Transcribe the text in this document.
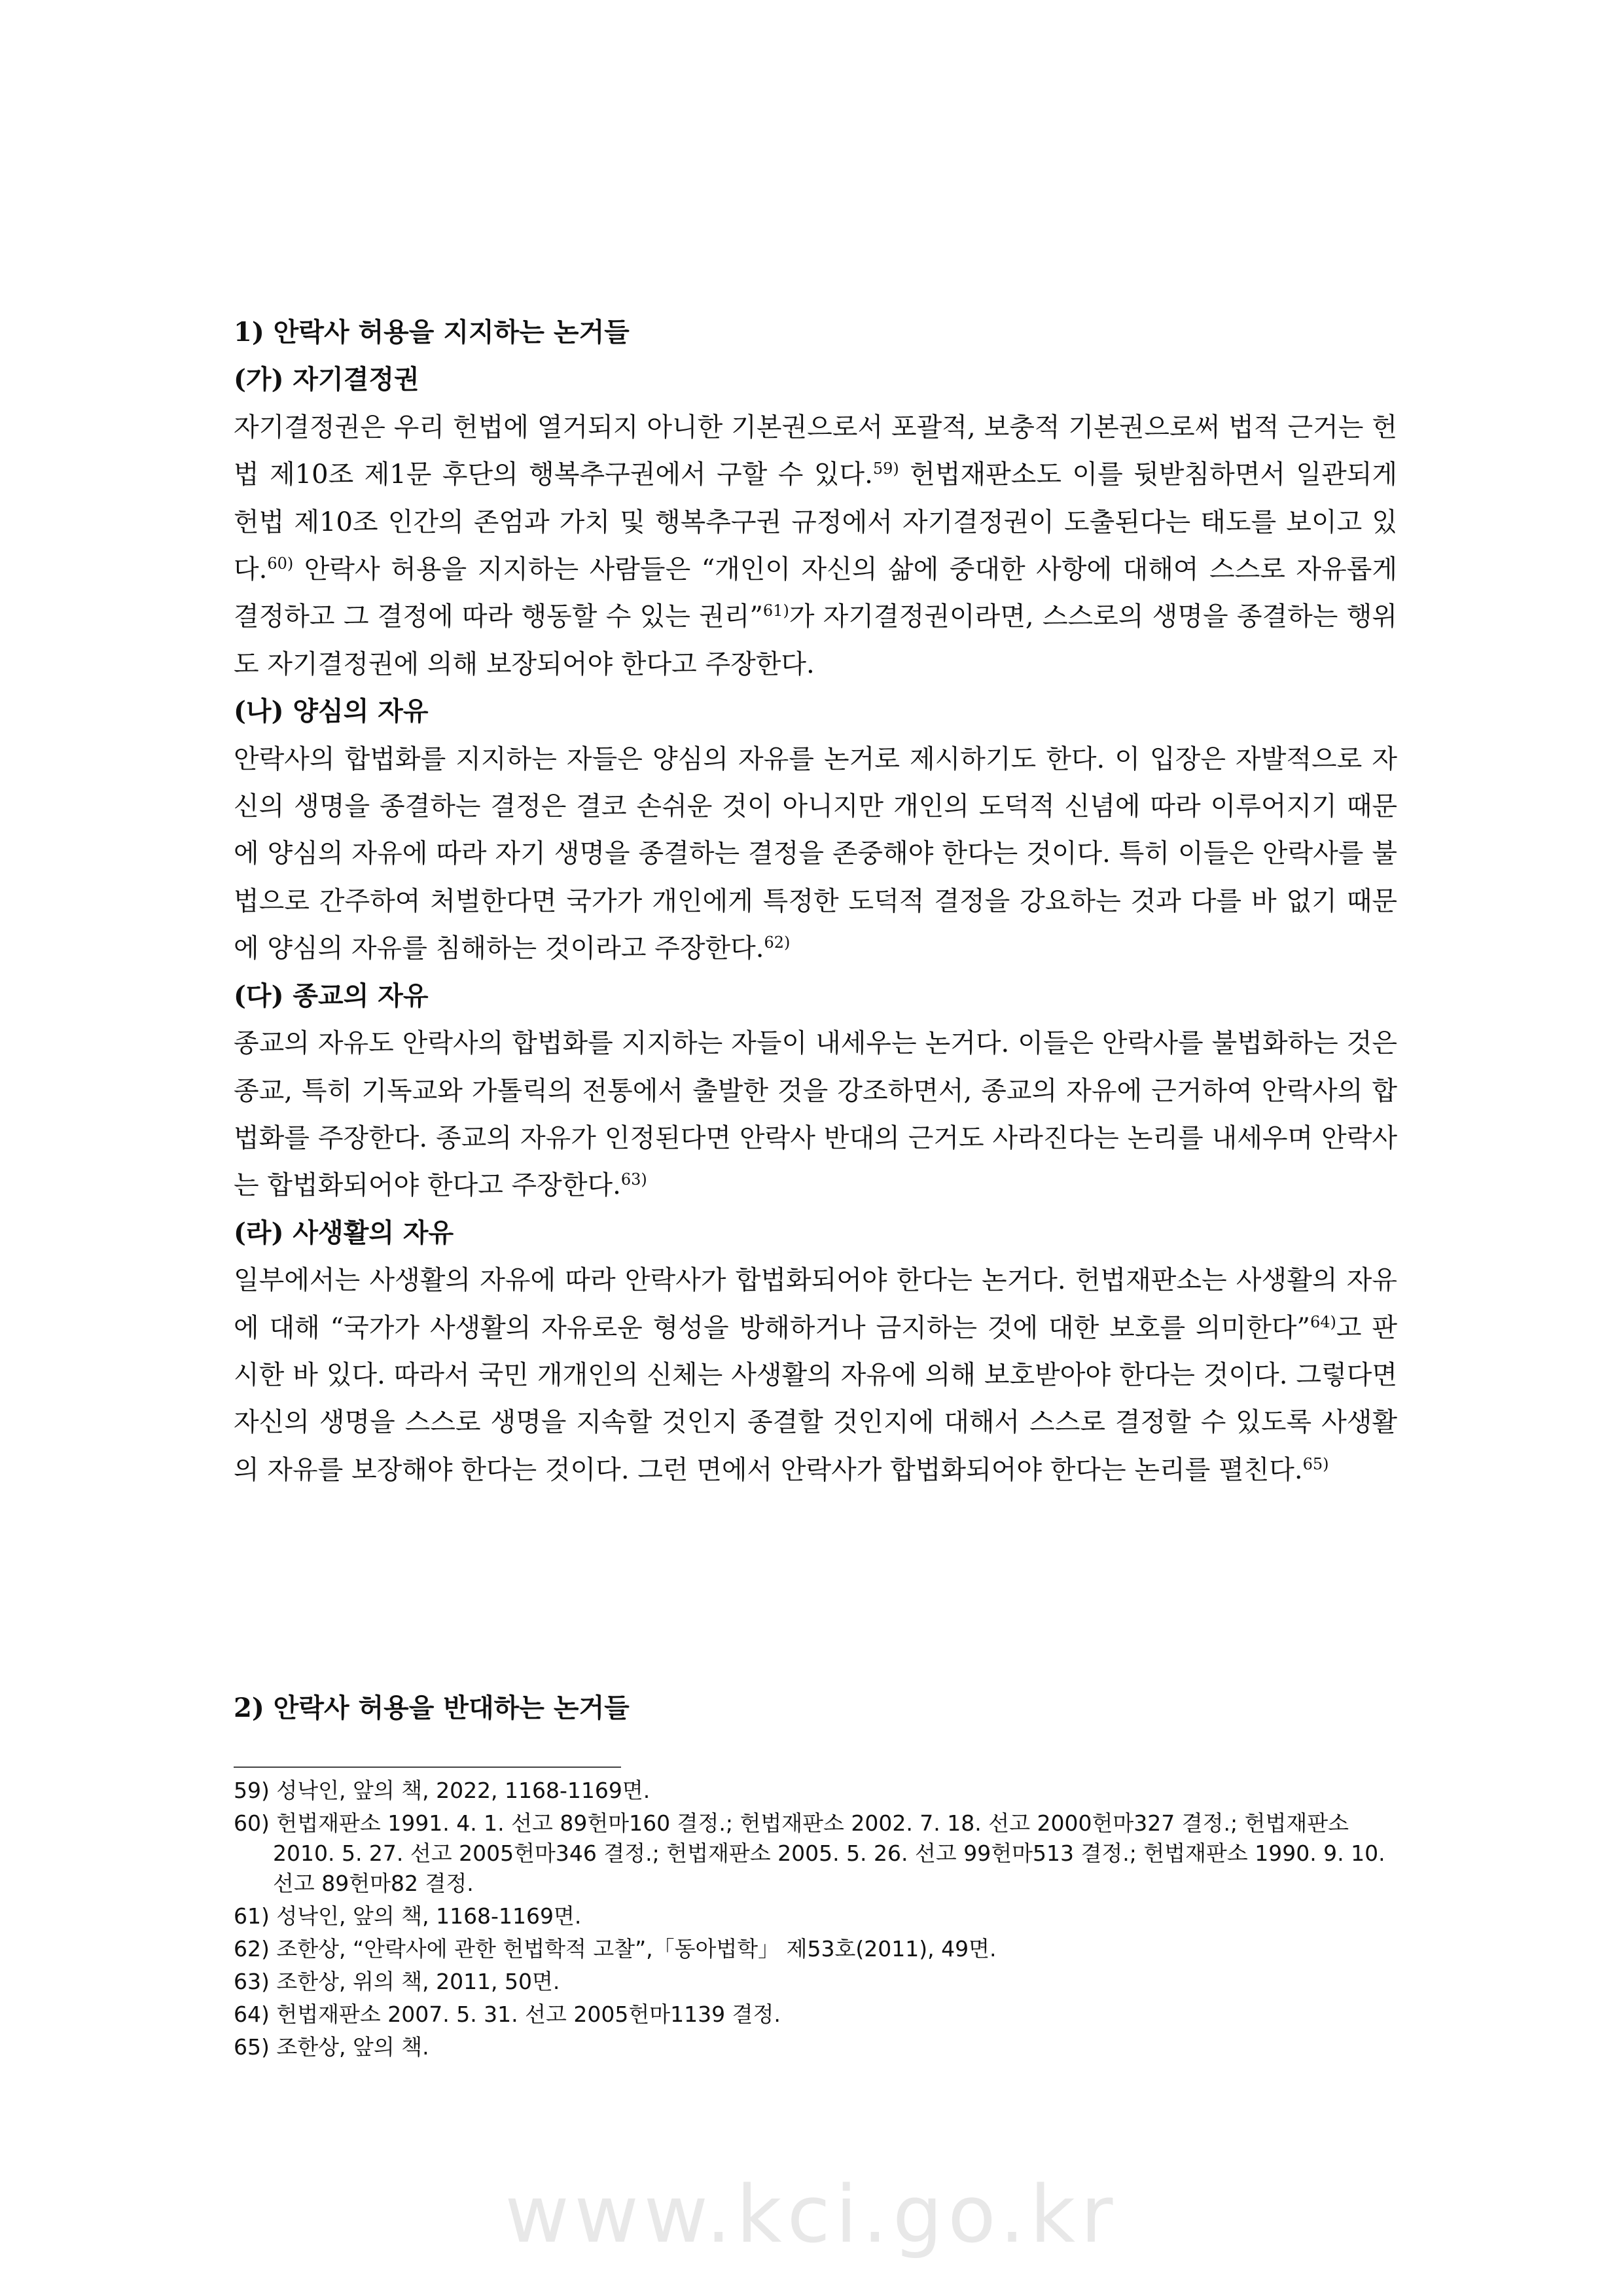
1) 안락사 허용을 지지하는 논거들
(가) 자기결정권

자기결정권은 우리 헌법에 열거되지 아니한 기본권으로서 포괄적, 보충적 기본권으로써 법적 근거는 헌법 제10조 제1문 후단의 행복추구권에서 구할 수 있다.$^{59)}$ 헌법재판소도 이를 뒷받침하면서 일관되게 헌법 제10조 인간의 존엄과 가치 및 행복추구권 규정에서 자기결정권이 도출된다는 태도를 보이고 있다.$^{60)}$ 안락사 허용을 지지하는 사람들은 “개인이 자신의 삶에 중대한 사항에 대해여 스스로 자유롭게 결정하고 그 결정에 따라 행동할 수 있는 권리”$^{61)}$가 자기결정권이라면, 스스로의 생명을 종결하는 행위도 자기결정권에 의해 보장되어야 한다고 주장한다.

(나) 양심의 자유

안락사의 합법화를 지지하는 자들은 양심의 자유를 논거로 제시하기도 한다. 이 입장은 자발적으로 자신의 생명을 종결하는 결정은 결코 손쉬운 것이 아니지만 개인의 도덕적 신념에 따라 이루어지기 때문에 양심의 자유에 따라 자기 생명을 종결하는 결정을 존중해야 한다는 것이다. 특히 이들은 안락사를 불법으로 간주하여 처벌한다면 국가가 개인에게 특정한 도덕적 결정을 강요하는 것과 다를 바 없기 때문에 양심의 자유를 침해하는 것이라고 주장한다.$^{62)}$

(다) 종교의 자유

종교의 자유도 안락사의 합법화를 지지하는 자들이 내세우는 논거다. 이들은 안락사를 불법화하는 것은 종교, 특히 기독교와 가톨릭의 전통에서 출발한 것을 강조하면서, 종교의 자유에 근거하여 안락사의 합법화를 주장한다. 종교의 자유가 인정된다면 안락사 반대의 근거도 사라진다는 논리를 내세우며 안락사는 합법화되어야 한다고 주장한다.$^{63)}$

(라) 사생활의 자유

일부에서는 사생활의 자유에 따라 안락사가 합법화되어야 한다는 논거다. 헌법재판소는 사생활의 자유에 대해 “국가가 사생활의 자유로운 형성을 방해하거나 금지하는 것에 대한 보호를 의미한다”$^{64)}$고 판시한 바 있다. 따라서 국민 개개인의 신체는 사생활의 자유에 의해 보호받아야 한다는 것이다. 그렇다면 자신의 생명을 스스로 생명을 지속할 것인지 종결할 것인지에 대해서 스스로 결정할 수 있도록 사생활의 자유를 보장해야 한다는 것이다. 그런 면에서 안락사가 합법화되어야 한다는 논리를 펼친다.$^{65)}$

2) 안락사 허용을 반대하는 논거들

59) 성낙인, 앞의 책, 2022, 1168-1169면.

60) 헌법재판소 1991. 4. 1. 선고 89헌마160 결정.; 헌법재판소 2002. 7. 18. 선고 2000헌마327 결정.; 헌법재판소 2010. 5. 27. 선고 2005헌마346 결정.; 헌법재판소 2005. 5. 26. 선고 99헌마513 결정.; 헌법재판소 1990. 9. 10. 선고 89헌마82 결정.

61) 성낙인, 앞의 책, 1168-1169면.

62) 조한상, “안락사에 관한 헌법학적 고찰”,「동아법학」 제53호(2011), 49면.

63) 조한상, 위의 책, 2011, 50면.

64) 헌법재판소 2007. 5. 31. 선고 2005헌마1139 결정.

65) 조한상, 앞의 책.

www.kci.go.kr
